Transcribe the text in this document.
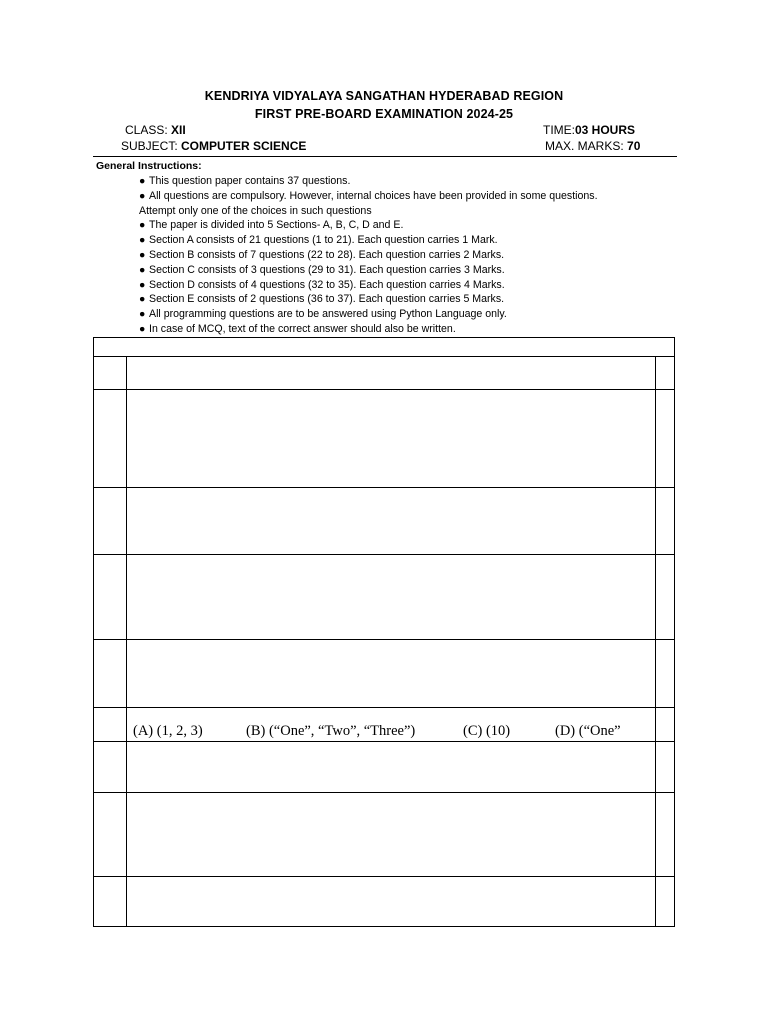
KENDRIYA VIDYALAYA SANGATHAN HYDERABAD REGION
FIRST PRE-BOARD EXAMINATION 2024-25
CLASS: XII	TIME:03 HOURS
SUBJECT: COMPUTER SCIENCE	MAX. MARKS: 70
General Instructions:
● This question paper contains 37 questions.
● All questions are compulsory. However, internal choices have been provided in some questions.
Attempt only one of the choices in such questions
● The paper is divided into 5 Sections- A, B, C, D and E.
● Section A consists of 21 questions (1 to 21). Each question carries 1 Mark.
● Section B consists of 7 questions (22 to 28). Each question carries 2 Marks.
● Section C consists of 3 questions (29 to 31). Each question carries 3 Marks.
● Section D consists of 4 questions (32 to 35). Each question carries 4 Marks.
● Section E consists of 2 questions (36 to 37). Each question carries 5 Marks.
● All programming questions are to be answered using Python Language only.
● In case of MCQ, text of the correct answer should also be written.
(A) (1, 2, 3)	(B) (“One”, “Two”, “Three”)	(C) (10)	(D) (“One”
